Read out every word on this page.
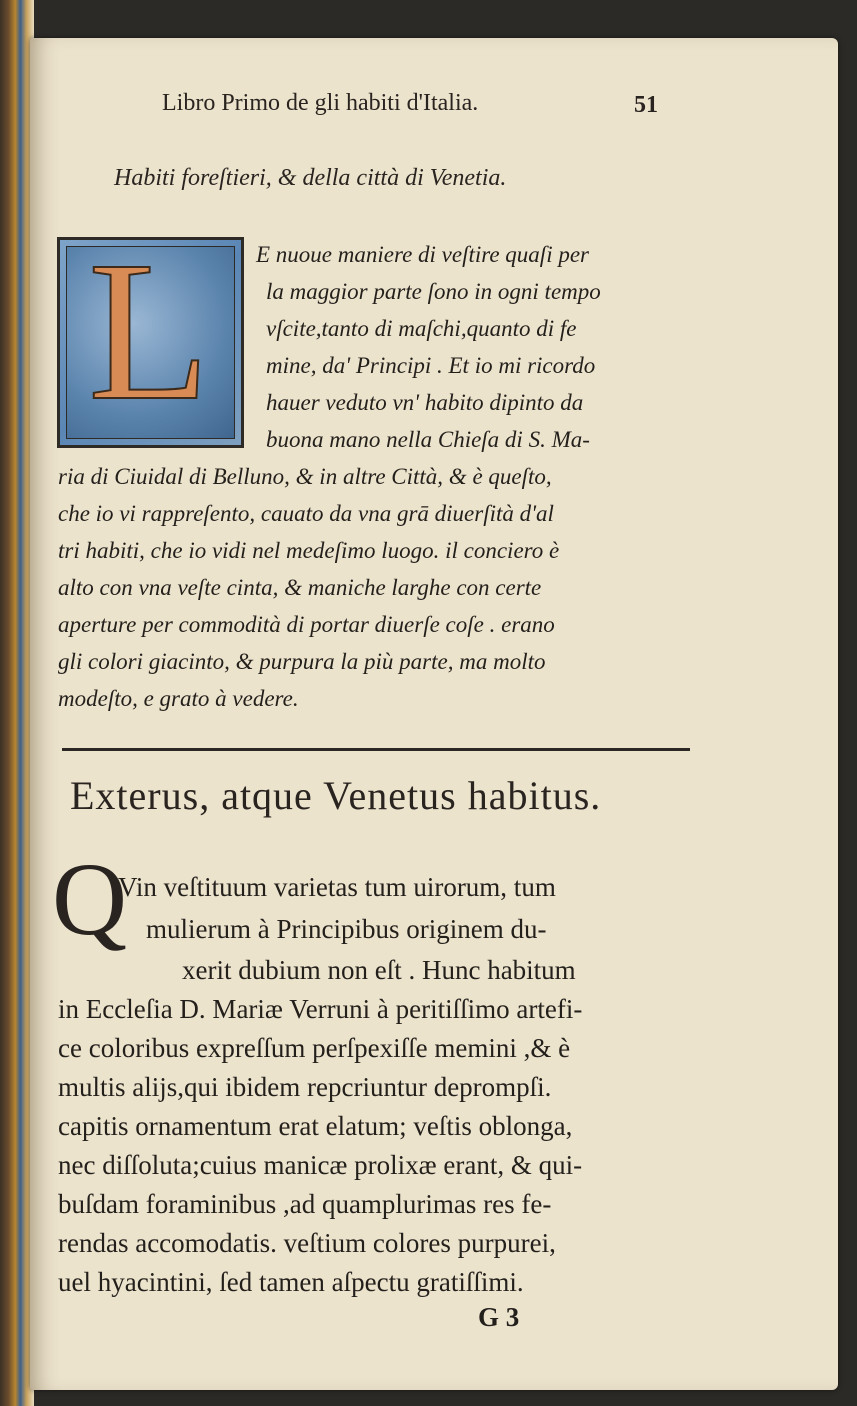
Libro Primo de gli habiti d'Italia.	51
Habiti foreſtieri, & della città di Venetia.
L E nuoue maniere di veſtire quaſi per
la maggior parte ſono in ogni tempo
vſcite,tanto di maſchi,quanto di fe
mine, da' Principi . Et io mi ricordo
hauer veduto vn' habito dipinto da
buona mano nella Chieſa di S. Ma-
ria di Ciuidal di Belluno, & in altre Città, & è queſto,
che io vi rappreſento, cauato da vna grā diuerſità d'al
tri habiti, che io vidi nel medeſimo luogo. il conciero è
alto con vna veſte cinta, & maniche larghe con certe
aperture per commodità di portar diuerſe coſe . erano
gli colori giacinto, & purpura la più parte, ma molto
modeſto, e grato à vedere.
Exterus, atque Venetus habitus.
Q
Vin veſtituum varietas tum uirorum, tum
mulierum à Principibus originem du-
xerit dubium non eſt . Hunc habitum
in Eccleſia D. Mariæ Verruni à peritiſſimo artefi-
ce coloribus expreſſum perſpexiſſe memini ,& è
multis alijs,qui ibidem repcriuntur deprompſi.
capitis ornamentum erat elatum; veſtis oblonga,
nec diſſoluta;cuius manicæ prolixæ erant, & qui-
buſdam foraminibus ,ad quamplurimas res fe-
rendas accomodatis. veſtium colores purpurei,
uel hyacintini, ſed tamen aſpectu gratiſſimi.
G 3
